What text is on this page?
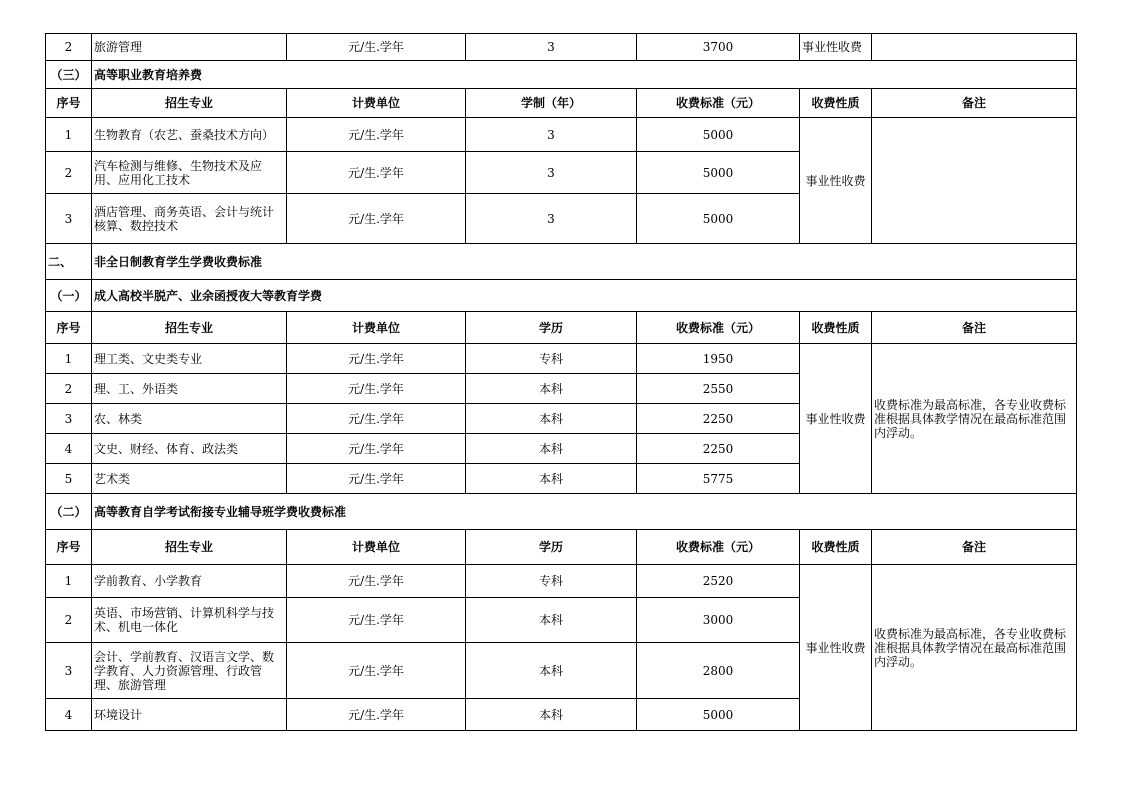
2	旅游管理	元/生.学年	3	3700	事业性收费	
（三）	高等职业教育培养费					
序号	招生专业	计费单位	学制（年）	收费标准（元）	收费性质	备注
1	生物教育（农艺、蚕桑技术方向）	元/生.学年	3	5000	事业性收费	
2	汽车检测与维修、生物技术及应用、应用化工技术	元/生.学年	3	5000		
3	酒店管理、商务英语、会计与统计核算、数控技术	元/生.学年	3	5000		
二、	非全日制教育学生学费收费标准					
（一）	成人高校半脱产、业余函授夜大等教育学费					
序号	招生专业	计费单位	学历	收费标准（元）	收费性质	备注
1	理工类、文史类专业	元/生.学年	专科	1950	事业性收费	收费标准为最高标准，各专业收费标准根据具体教学情况在最高标准范围内浮动。
2	理、工、外语类	元/生.学年	本科	2550		
3	农、林类	元/生.学年	本科	2250		
4	文史、财经、体育、政法类	元/生.学年	本科	2250		
5	艺术类	元/生.学年	本科	5775		
（二）	高等教育自学考试衔接专业辅导班学费收费标准					
序号	招生专业	计费单位	学历	收费标准（元）	收费性质	备注
1	学前教育、小学教育	元/生.学年	专科	2520	事业性收费	收费标准为最高标准，各专业收费标准根据具体教学情况在最高标准范围内浮动。
2	英语、市场营销、计算机科学与技术、机电一体化	元/生.学年	本科	3000		
3	会计、学前教育、汉语言文学、数学教育、人力资源管理、行政管理、旅游管理	元/生.学年	本科	2800		
4	环境设计	元/生.学年	本科	5000		
